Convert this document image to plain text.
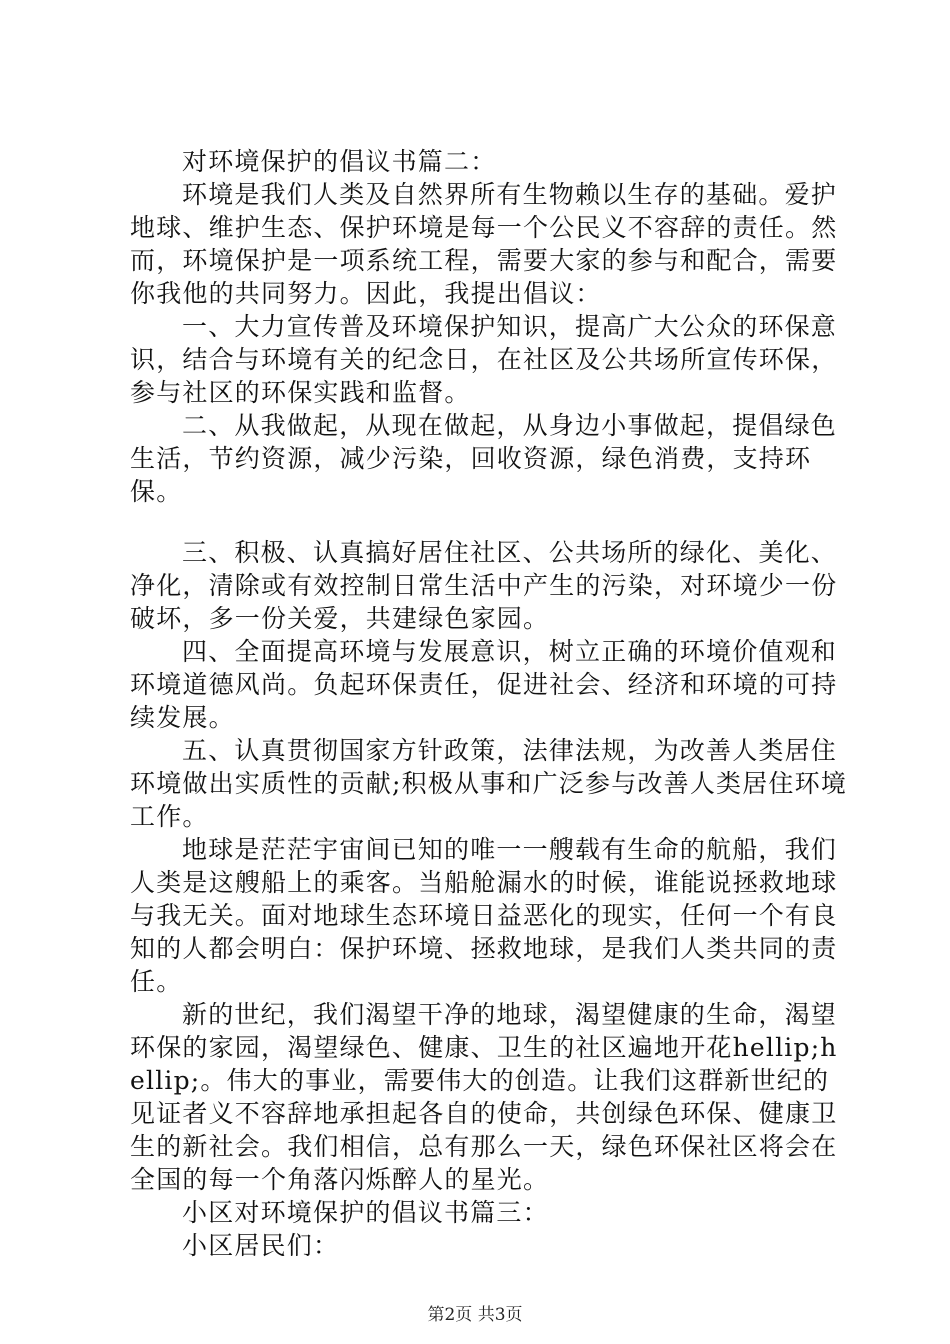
对环境保护的倡议书篇二：

环境是我们人类及自然界所有生物赖以生存的基础。爱护地球、维护生态、保护环境是每一个公民义不容辞的责任。然而，环境保护是一项系统工程，需要大家的参与和配合，需要你我他的共同努力。因此，我提出倡议：

一、大力宣传普及环境保护知识，提高广大公众的环保意识，结合与环境有关的纪念日，在社区及公共场所宣传环保，参与社区的环保实践和监督。

二、从我做起，从现在做起，从身边小事做起，提倡绿色生活，节约资源，减少污染，回收资源，绿色消费，支持环保。

三、积极、认真搞好居住社区、公共场所的绿化、美化、净化，清除或有效控制日常生活中产生的污染，对环境少一份破坏，多一份关爱，共建绿色家园。

四、全面提高环境与发展意识，树立正确的环境价值观和环境道德风尚。负起环保责任，促进社会、经济和环境的可持续发展。

五、认真贯彻国家方针政策，法律法规，为改善人类居住环境做出实质性的贡献;积极从事和广泛参与改善人类居住环境工作。

地球是茫茫宇宙间已知的唯一一艘载有生命的航船，我们人类是这艘船上的乘客。当船舱漏水的时候，谁能说拯救地球与我无关。面对地球生态环境日益恶化的现实，任何一个有良知的人都会明白：保护环境、拯救地球，是我们人类共同的责任。

新的世纪，我们渴望干净的地球，渴望健康的生命，渴望环保的家园，渴望绿色、健康、卫生的社区遍地开花hellip;hellip;。伟大的事业，需要伟大的创造。让我们这群新世纪的见证者义不容辞地承担起各自的使命，共创绿色环保、健康卫生的新社会。我们相信，总有那么一天，绿色环保社区将会在全国的每一个角落闪烁醉人的星光。

小区对环境保护的倡议书篇三：

小区居民们：

第2页 共3页
